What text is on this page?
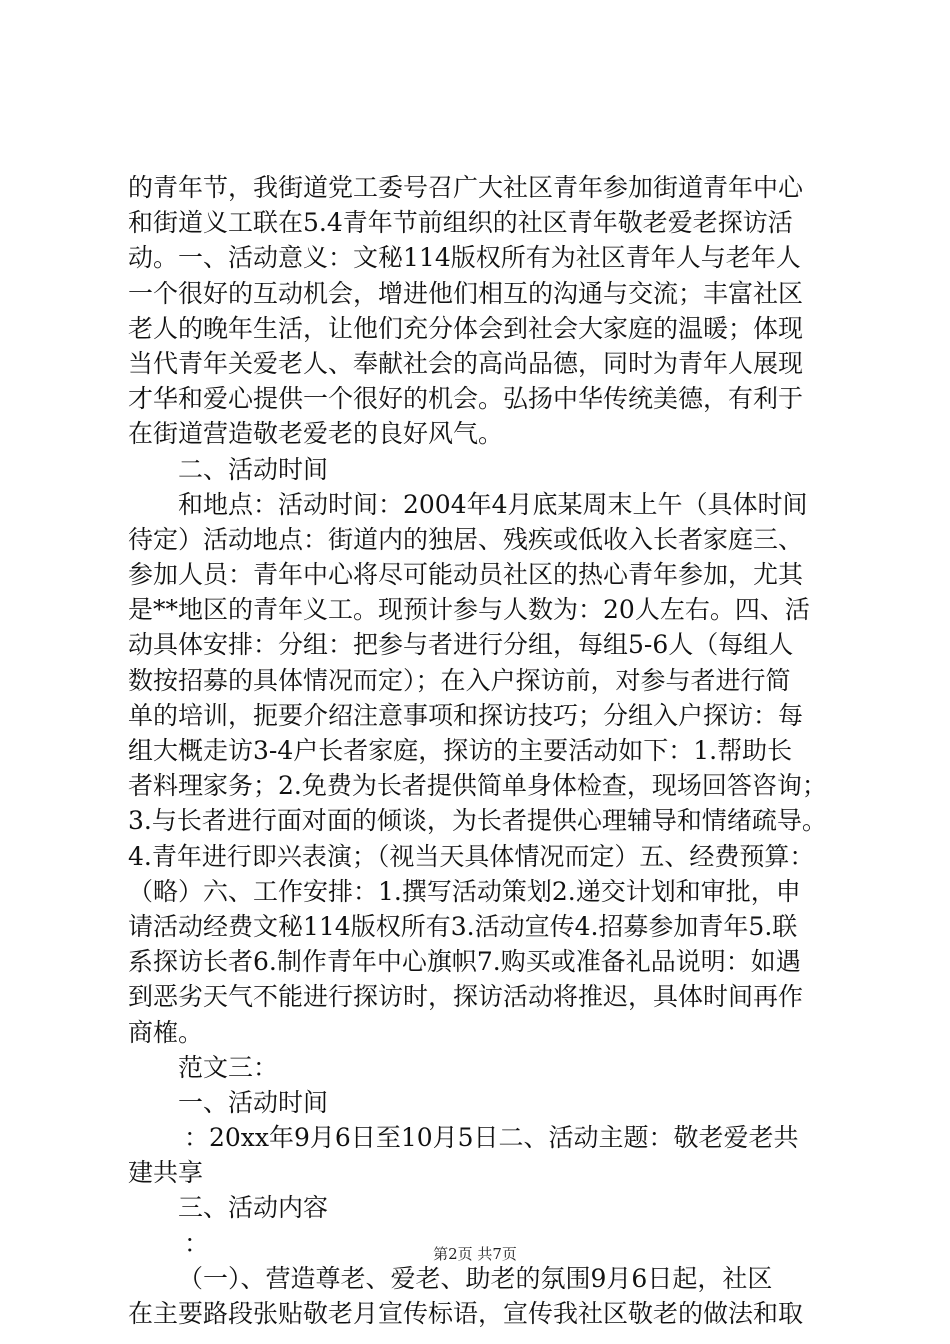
的青年节，我街道党工委号召广大社区青年参加街道青年中心
和街道义工联在5.4青年节前组织的社区青年敬老爱老探访活
动。一、活动意义：文秘114版权所有为社区青年人与老年人
一个很好的互动机会，增进他们相互的沟通与交流；丰富社区
老人的晚年生活，让他们充分体会到社会大家庭的温暖；体现
当代青年关爱老人、奉献社会的高尚品德，同时为青年人展现
才华和爱心提供一个很好的机会。弘扬中华传统美德，有利于
在街道营造敬老爱老的良好风气。
二、活动时间
和地点：活动时间：2004年4月底某周末上午（具体时间
待定）活动地点：街道内的独居、残疾或低收入长者家庭三、
参加人员：青年中心将尽可能动员社区的热心青年参加，尤其
是**地区的青年义工。现预计参与人数为：20人左右。四、活
动具体安排：分组：把参与者进行分组，每组5-6人（每组人
数按招募的具体情况而定）；在入户探访前，对参与者进行简
单的培训，扼要介绍注意事项和探访技巧；分组入户探访：每
组大概走访3-4户长者家庭，探访的主要活动如下：1.帮助长
者料理家务；2.免费为长者提供简单身体检查，现场回答咨询；
3.与长者进行面对面的倾谈，为长者提供心理辅导和情绪疏导。
4.青年进行即兴表演；（视当天具体情况而定）五、经费预算：
（略）六、工作安排：1.撰写活动策划2.递交计划和审批，申
请活动经费文秘114版权所有3.活动宣传4.招募参加青年5.联
系探访长者6.制作青年中心旗帜7.购买或准备礼品说明：如遇
到恶劣天气不能进行探访时，探访活动将推迟，具体时间再作
商榷。
范文三：
一、活动时间
：20xx年9月6日至10月5日二、活动主题：敬老爱老共
建共享
三、活动内容
：
（一）、营造尊老、爱老、助老的氛围9月6日起，社区
在主要路段张贴敬老月宣传标语，宣传我社区敬老的做法和取
第2页 共7页
